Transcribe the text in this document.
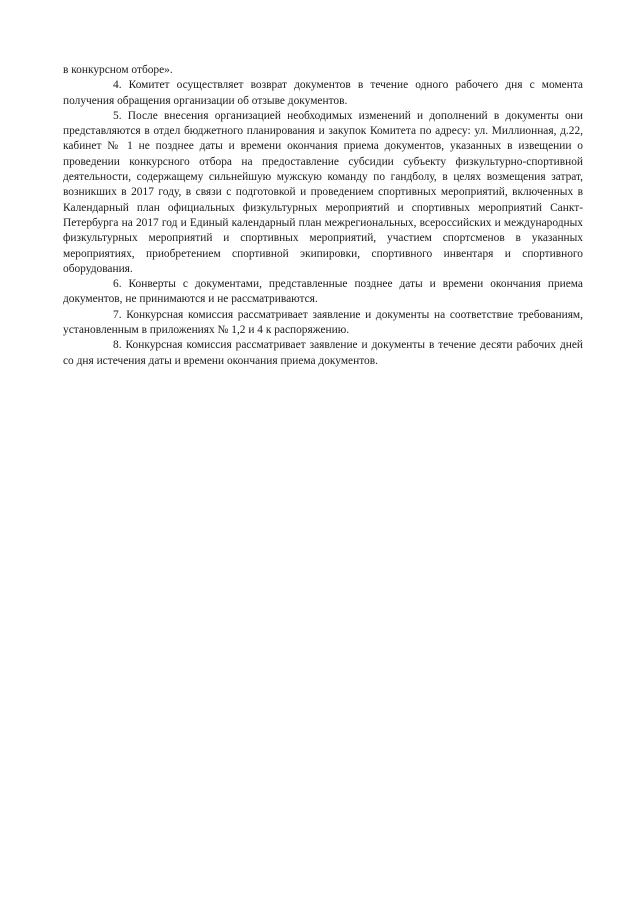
в конкурсном отборе».

4. Комитет осуществляет возврат документов в течение одного рабочего дня с момента получения обращения организации об отзыве документов.

5. После внесения организацией необходимых изменений и дополнений в документы они представляются в отдел бюджетного планирования и закупок Комитета по адресу: ул. Миллионная, д.22, кабинет № 1 не позднее даты и времени окончания приема документов, указанных в извещении о проведении конкурсного отбора на предоставление субсидии субъекту физкультурно-спортивной деятельности, содержащему сильнейшую мужскую команду по гандболу, в целях возмещения затрат, возникших в 2017 году, в связи с подготовкой и проведением спортивных мероприятий, включенных в Календарный план официальных физкультурных мероприятий и спортивных мероприятий Санкт-Петербурга на 2017 год и Единый календарный план межрегиональных, всероссийских и международных физкультурных мероприятий и спортивных мероприятий, участием спортсменов в указанных мероприятиях, приобретением спортивной экипировки, спортивного инвентаря и спортивного оборудования.

6. Конверты с документами, представленные позднее даты и времени окончания приема документов, не принимаются и не рассматриваются.

7. Конкурсная комиссия рассматривает заявление и документы на соответствие требованиям, установленным в приложениях № 1,2 и 4 к распоряжению.

8. Конкурсная комиссия рассматривает заявление и документы в течение десяти рабочих дней со дня истечения даты и времени окончания приема документов.
